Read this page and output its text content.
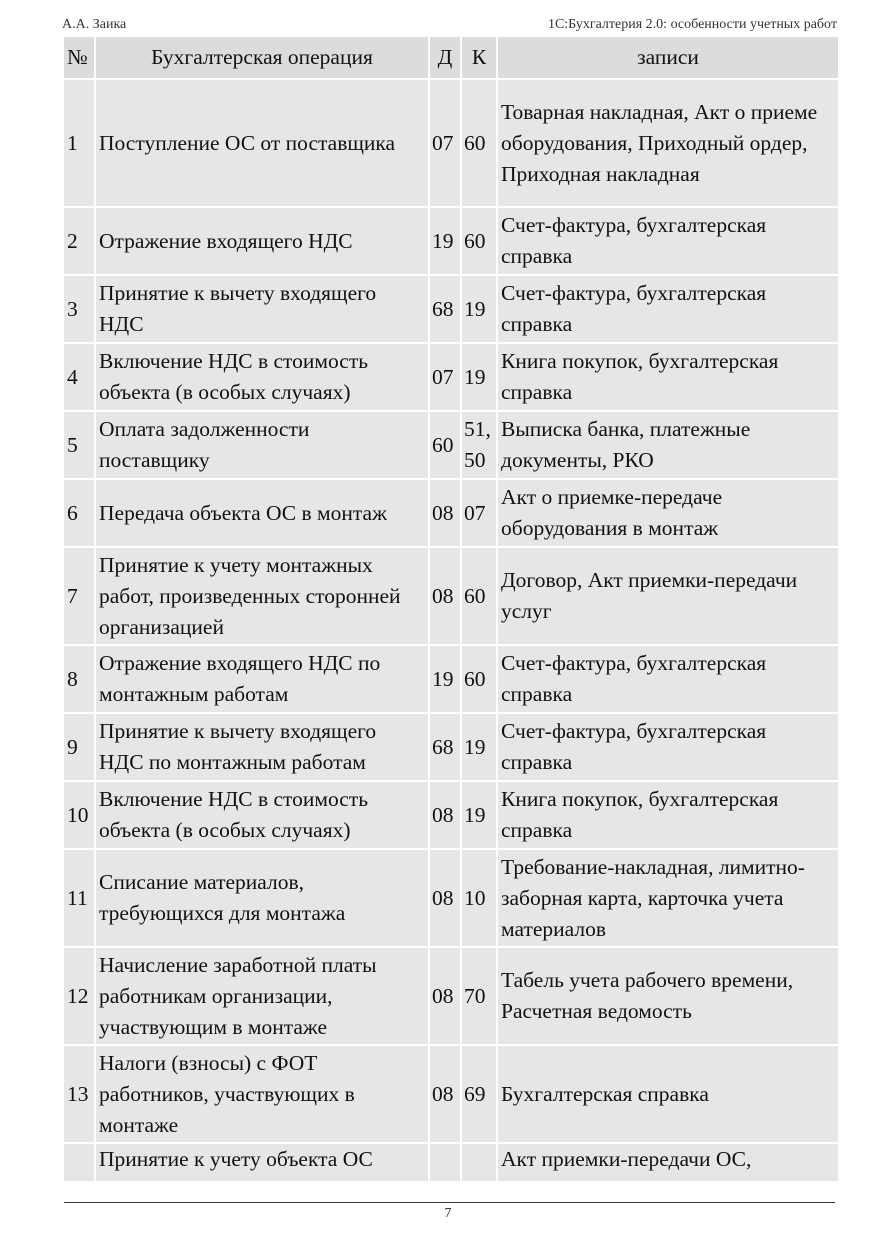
А.А. Заика	1С:Бухгалтерия 2.0: особенности учетных работ
№	Бухгалтерская операция	Д	К	записи
1	Поступление ОС от поставщика	07	60	Товарная накладная, Акт о приеме оборудования, Приходный ордер, Приходная накладная
2	Отражение входящего НДС	19	60	Счет-фактура, бухгалтерская справка
3	Принятие к вычету входящего НДС	68	19	Счет-фактура, бухгалтерская справка
4	Включение НДС в стоимость объекта (в особых случаях)	07	19	Книга покупок, бухгалтерская справка
5	Оплата задолженности поставщику	60	51, 50	Выписка банка, платежные документы, РКО
6	Передача объекта ОС в монтаж	08	07	Акт о приемке-передаче оборудования в монтаж
7	Принятие к учету монтажных работ, произведенных сторонней организацией	08	60	Договор, Акт приемки-передачи услуг
8	Отражение входящего НДС по монтажным работам	19	60	Счет-фактура, бухгалтерская справка
9	Принятие к вычету входящего НДС по монтажным работам	68	19	Счет-фактура, бухгалтерская справка
10	Включение НДС в стоимость объекта (в особых случаях)	08	19	Книга покупок, бухгалтерская справка
11	Списание материалов, требующихся для монтажа	08	10	Требование-накладная, лимитно-заборная карта, карточка учета материалов
12	Начисление заработной платы работникам организации, участвующим в монтаже	08	70	Табель учета рабочего времени, Расчетная ведомость
13	Налоги (взносы) с ФОТ работников, участвующих в монтаже	08	69	Бухгалтерская справка
	Принятие к учету объекта ОС			Акт приемки-передачи ОС,
7
